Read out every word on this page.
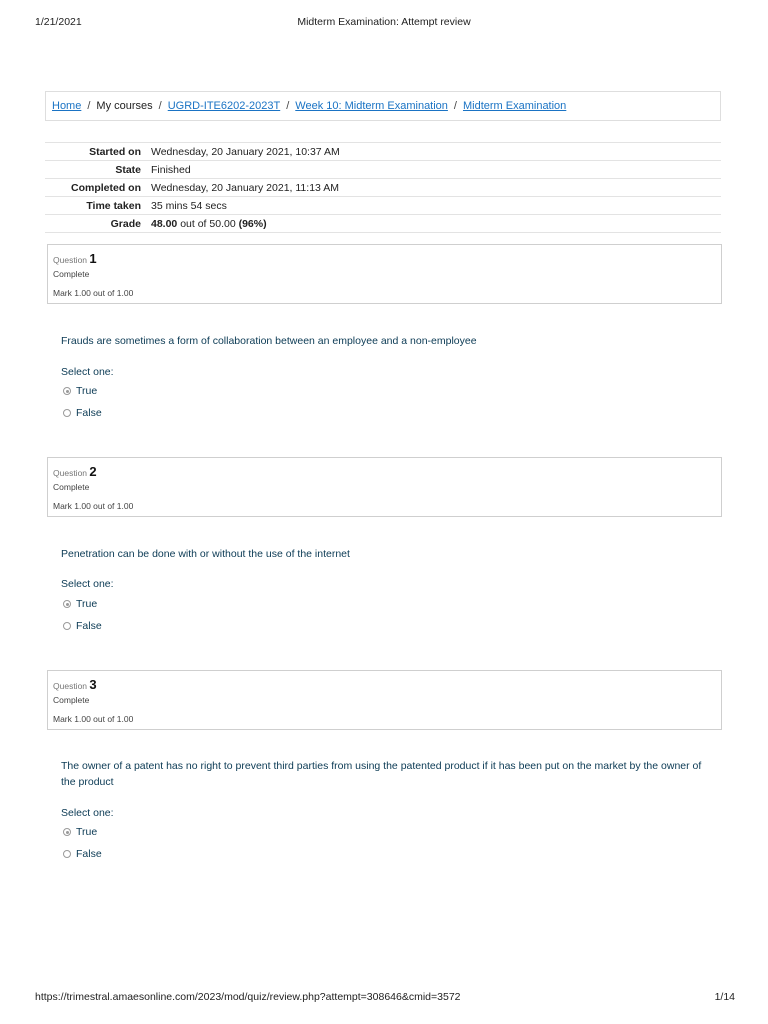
1/21/2021	Midterm Examination: Attempt review
Home / My courses / UGRD-ITE6202-2023T / Week 10: Midterm Examination / Midterm Examination
Started on	Wednesday, 20 January 2021, 10:37 AM
State	Finished
Completed on	Wednesday, 20 January 2021, 11:13 AM
Time taken	35 mins 54 secs
Grade	48.00 out of 50.00 (96%)
Question 1
Complete
Mark 1.00 out of 1.00
Frauds are sometimes a form of collaboration between an employee and a non-employee
Select one:
True
False
Question 2
Complete
Mark 1.00 out of 1.00
Penetration can be done with or without the use of the internet
Select one:
True
False
Question 3
Complete
Mark 1.00 out of 1.00
The owner of a patent has no right to prevent third parties from using the patented product if it has been put on the market by the owner of the product
Select one:
True
False
https://trimestral.amaesonline.com/2023/mod/quiz/review.php?attempt=308646&cmid=3572	1/14
